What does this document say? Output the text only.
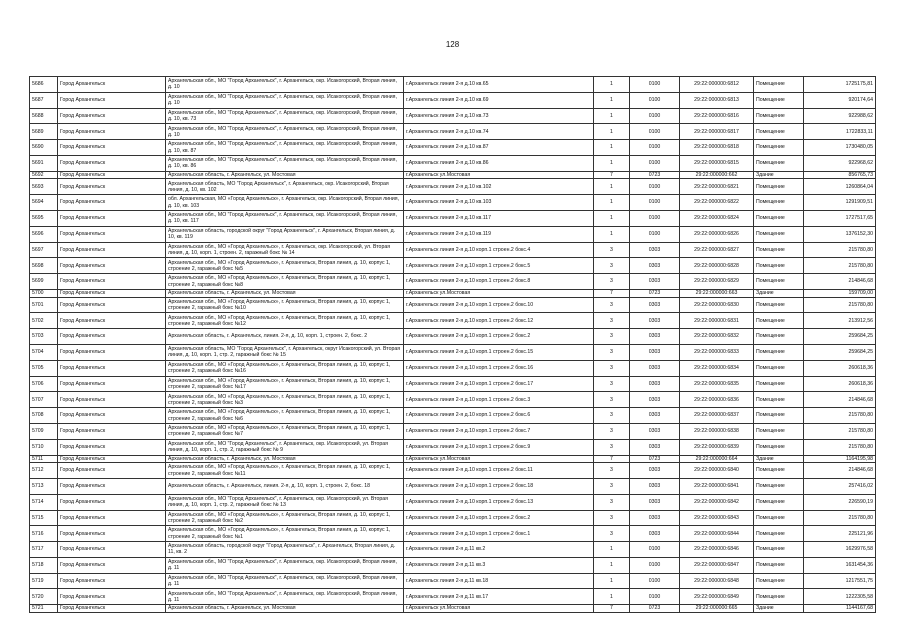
128
5686	Город Архангельск	Архангельская обл., МО "Город Архангельск", г. Архангельск, окр. Исакогорский, Вторая линия, д. 10	г.Архангельск линия 2-я д.10 кв.65	1	0100	29:22:000000:6812	Помещение	1725175,81
5687	Город Архангельск	Архангельская обл., МО "Город Архангельск", г. Архангельск, окр. Исакогорский, Вторая линия, д. 10	г.Архангельск линия 2-я д.10 кв.69	1	0100	29:22:000000:6813	Помещение	920174,64
5688	Город Архангельск	Архангельская обл., МО "Город Архангельск", г. Архангельск, окр. Исакогорский, Вторая линия, д. 10, кв. 73	г.Архангельск линия 2-я д.10 кв.73	1	0100	29:22:000000:6816	Помещение	922988,62
5689	Город Архангельск	Архангельская обл., МО "Город Архангельск", г. Архангельск, окр. Исакогорский, Вторая линия, д. 10	г.Архангельск линия 2-я д.10 кв.74	1	0100	29:22:000000:6817	Помещение	1722833,11
5690	Город Архангельск	Архангельская обл., МО "Город Архангельск", г. Архангельск, окр. Исакогорский, Вторая линия, д. 10, кв. 87	г.Архангельск линия 2-я д.10 кв.87	1	0100	29:22:000000:6818	Помещение	1730480,05
5691	Город Архангельск	Архангельская обл., МО "Город Архангельск", г. Архангельск, окр. Исакогорский, Вторая линия, д. 10, кв. 86	г.Архангельск линия 2-я д.10 кв.86	1	0100	29:22:000000:6815	Помещение	922968,62
5692	Город Архангельск	Архангельская область, г. Архангельск, ул. Мостовая	г.Архангельск ул.Мостовая	7	0723	29:22:000000:662	Здание	856765,73
5693	Город Архангельск	Архангельская область, МО "Город Архангельск", г. Архангельск, окр. Исакогорский, Вторая линия, д. 10, кв. 102	г.Архангельск линия 2-я д.10 кв.102	1	0100	29:22:000000:6821	Помещение	1260864,04
5694	Город Архангельск	обл. Архангельская, МО «Город Архангельск», г. Архангельск, окр. Исакогорский, Вторая линия, д. 10, кв. 103	г.Архангельск линия 2-я д.10 кв.103	1	0100	29:22:000000:6822	Помещение	1291909,51
5695	Город Архангельск	Архангельская обл., МО "Город Архангельск", г. Архангельск, окр. Исакогорский, Вторая линия, д. 10, кв. 117	г.Архангельск линия 2-я д.10 кв.117	1	0100	29:22:000000:6824	Помещение	1727517,65
5696	Город Архангельск	Архангельская область, городской округ "Город Архангельск", г. Архангельск, Вторая линия, д. 10, кв. 119	г.Архангельск линия 2-я д.10 кв.119	1	0100	29:22:000000:6826	Помещение	1376152,30
5697	Город Архангельск	Архангельская обл., МО «Город Архангельск», г. Архангельск, окр. Исакогорский, ул. Вторая линия, д. 10, корп. 1, строен. 2, гаражный бокс № 14	г.Архангельск линия 2-я д.10 корп.1 строен.2 бокс.4	3	0303	29:22:000000:6827	Помещение	215780,80
5698	Город Архангельск	Архангельская обл., МО «Город Архангельск», г. Архангельск, Вторая линия, д. 10, корпус 1, строение 2, гаражный бокс №5	г.Архангельск линия 2-я д.10 корп.1 строен.2 бокс.5	3	0303	29:22:000000:6828	Помещение	215780,80
5699	Город Архангельск	Архангельская обл., МО «Город Архангельск», г. Архангельск, Вторая линия, д. 10, корпус 1, строение 2, гаражный бокс №8	г.Архангельск линия 2-я д.10 корп.1 строен.2 бокс.8	3	0303	29:22:000000:6829	Помещение	214846,68
5700	Город Архангельск	Архангельская область, г. Архангельск, ул. Мостовая	г.Архангельск ул.Мостовая	7	0723	29:22:000000:663	Здание	159709,00
5701	Город Архангельск	Архангельская обл., МО «Город Архангельск», г. Архангельск, Вторая линия, д. 10, корпус 1, строение 2, гаражный бокс №10	г.Архангельск линия 2-я д.10 корп.1 строен.2 бокс.10	3	0303	29:22:000000:6830	Помещение	215780,80
5702	Город Архангельск	Архангельская обл., МО «Город Архангельск», г. Архангельск, Вторая линия, д. 10, корпус 1, строение 2, гаражный бокс №12	г.Архангельск линия 2-я д.10 корп.1 строен.2 бокс.12	3	0303	29:22:000000:6831	Помещение	213912,56
5703	Город Архангельск	Архангельская область, г. Архангельск, линия. 2-я, д. 10, корп. 1, строен. 2, бокс. 2	г.Архангельск линия 2-я д.10 корп.1 строен.2 бокс.2	3	0303	29:22:000000:6832	Помещение	259684,25
5704	Город Архангельск	Архангельская область, МО "Город Архангельск", г. Архангельск, округ Исакогорский, ул. Вторая линия, д. 10, корп. 1, стр. 2, гаражный бокс № 15	г.Архангельск линия 2-я д.10 корп.1 строен.2 бокс.15	3	0303	29:22:000000:6833	Помещение	259684,25
5705	Город Архангельск	Архангельская обл., МО «Город Архангельск», г. Архангельск, Вторая линия, д. 10, корпус 1, строение 2, гаражный бокс №16	г.Архангельск линия 2-я д.10 корп.1 строен.2 бокс.16	3	0303	29:22:000000:6834	Помещение	260618,36
5706	Город Архангельск	Архангельская обл., МО «Город Архангельск», г. Архангельск, Вторая линия, д. 10, корпус 1, строение 2, гаражный бокс №17	г.Архангельск линия 2-я д.10 корп.1 строен.2 бокс.17	3	0303	29:22:000000:6835	Помещение	260618,36
5707	Город Архангельск	Архангельская обл., МО «Город Архангельск», г. Архангельск, Вторая линия, д. 10, корпус 1, строение 2, гаражный бокс №3	г.Архангельск линия 2-я д.10 корп.1 строен.2 бокс.3	3	0303	29:22:000000:6836	Помещение	214846,68
5708	Город Архангельск	Архангельская обл., МО «Город Архангельск», г. Архангельск, Вторая линия, д. 10, корпус 1, строение 2, гаражный бокс №6	г.Архангельск линия 2-я д.10 корп.1 строен.2 бокс.6	3	0303	29:22:000000:6837	Помещение	215780,80
5709	Город Архангельск	Архангельская обл., МО «Город Архангельск», г. Архангельск, Вторая линия, д. 10, корпус 1, строение 2, гаражный бокс №7	г.Архангельск линия 2-я д.10 корп.1 строен.2 бокс.7	3	0303	29:22:000000:6838	Помещение	215780,80
5710	Город Архангельск	Архангельская обл., МО "Город Архангельск", г. Архангельск, окр. Исакогорский, ул. Вторая линия, д. 10, корп. 1, стр. 2, гаражный бокс № 9	г.Архангельск линия 2-я д.10 корп.1 строен.2 бокс.9	3	0303	29:22:000000:6839	Помещение	215780,80
5711	Город Архангельск	Архангельская область, г. Архангельск, ул. Мостовая	г.Архангельск ул.Мостовая	7	0723	29:22:000000:664	Здание	1164195,98
5712	Город Архангельск	Архангельская обл., МО «Город Архангельск», г. Архангельск, Вторая линия, д. 10, корпус 1, строение 2, гаражный бокс №11	г.Архангельск линия 2-я д.10 корп.1 строен.2 бокс.11	3	0303	29:22:000000:6840	Помещение	214846,68
5713	Город Архангельск	Архангельская область, г. Архангельск, линия. 2-я, д. 10, корп. 1, строен. 2, бокс. 18	г.Архангельск линия 2-я д.10 корп.1 строен.2 бокс.18	3	0303	29:22:000000:6841	Помещение	257416,02
5714	Город Архангельск	Архангельская обл., МО "Город Архангельск", г. Архангельск, окр. Исакогорский, ул. Вторая линия, д. 10, корп. 1, стр. 2, гаражный бокс № 13	г.Архангельск линия 2-я д.10 корп.1 строен.2 бокс.13	3	0303	29:22:000000:6842	Помещение	226590,19
5715	Город Архангельск	Архангельская обл., МО «Город Архангельск», г. Архангельск, Вторая линия, д. 10, корпус 1, строение 2, гаражный бокс №2	г.Архангельск линия 2-я д.10 корп.1 строен.2 бокс.2	3	0303	29:22:000000:6843	Помещение	215780,80
5716	Город Архангельск	Архангельская обл., МО «Город Архангельск», г. Архангельск, Вторая линия, д. 10, корпус 1, строение 2, гаражный бокс №1	г.Архангельск линия 2-я д.10 корп.1 строен.2 бокс.1	3	0303	29:22:000000:6844	Помещение	225121,96
5717	Город Архангельск	Архангельская область, городской округ "Город Архангельск", г. Архангельск, Вторая линия, д. 11, кв. 2	г.Архангельск линия 2-я д.11 кв.2	1	0100	29:22:000000:6846	Помещение	1629976,58
5718	Город Архангельск	Архангельская обл., МО "Город Архангельск", г. Архангельск, окр. Исакогорский, Вторая линия, д. 11	г.Архангельск линия 2-я д.11 кв.3	1	0100	29:22:000000:6847	Помещение	1631454,36
5719	Город Архангельск	Архангельская обл., МО "Город Архангельск", г. Архангельск, окр. Исакогорский, Вторая линия, д. 11	г.Архангельск линия 2-я д.11 кв.18	1	0100	29:22:000000:6848	Помещение	1217551,75
5720	Город Архангельск	Архангельская обл., МО "Город Архангельск", г. Архангельск, окр. Исакогорский, Вторая линия, д. 11	г.Архангельск линия 2-я д.11 кв.17	1	0100	29:22:000000:6849	Помещение	1222305,58
5721	Город Архангельск	Архангельская область, г. Архангельск, ул. Мостовая	г.Архангельск ул.Мостовая	7	0723	29:22:000000:665	Здание	1144167,68
